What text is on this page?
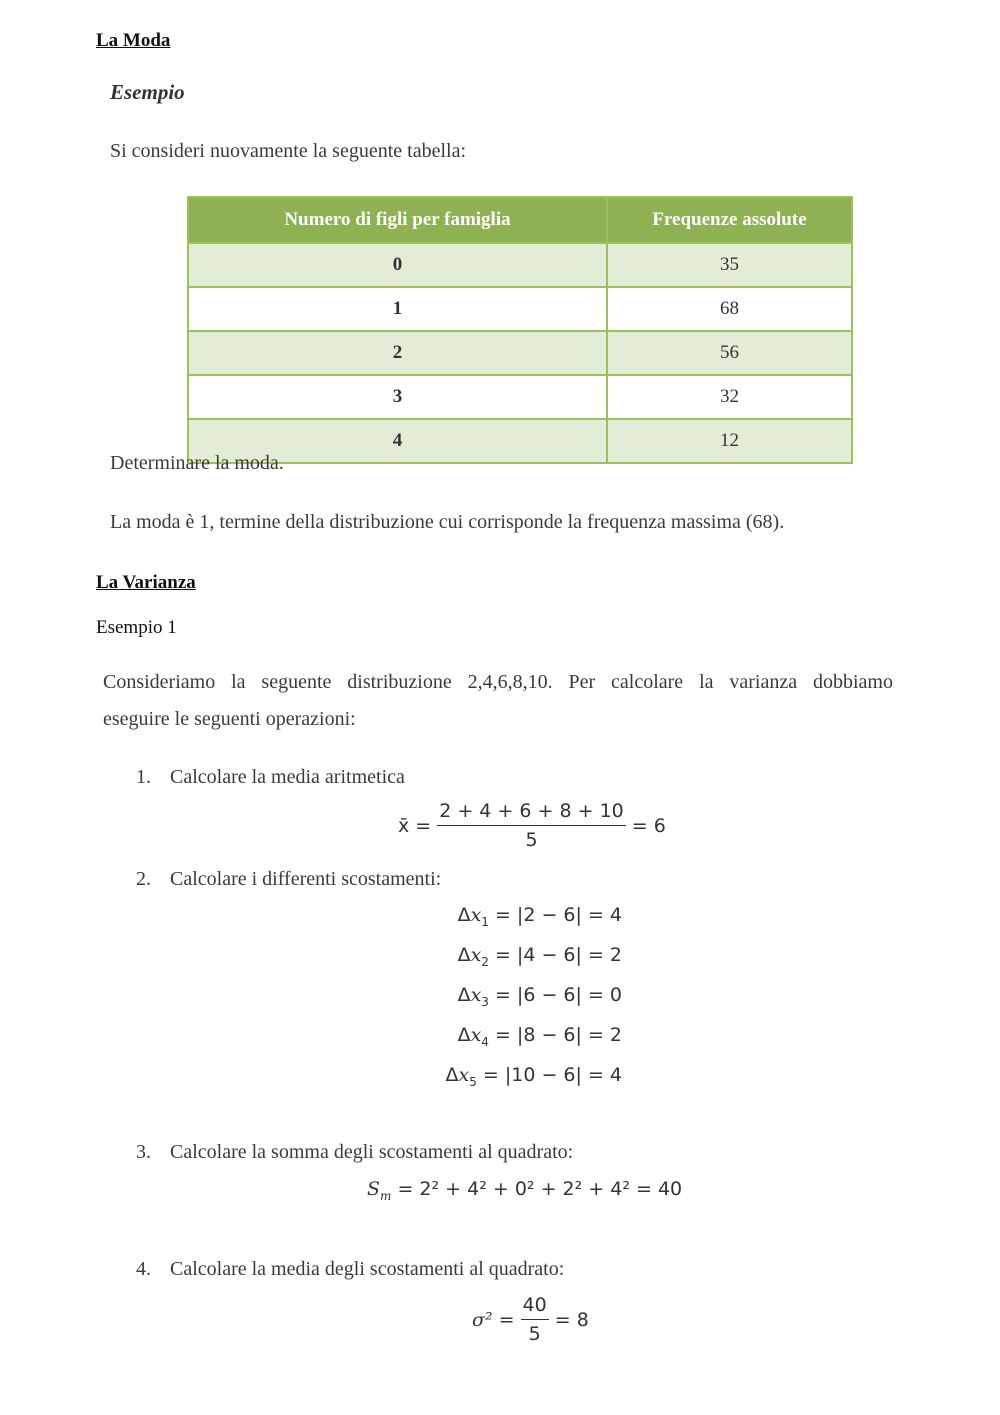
La Moda
Esempio
Si consideri nuovamente la seguente tabella:
Numero di figli per famiglia	Frequenze assolute
0	35
1	68
2	56
3	32
4	12
Determinare la moda.
La moda è 1, termine della distribuzione cui corrisponde la frequenza massima (68).
La Varianza
Esempio 1
Consideriamo la seguente distribuzione 2,4,6,8,10. Per calcolare la varianza dobbiamo
eseguire le seguenti operazioni:
1. Calcolare la media aritmetica
x̄ = $\frac{2 + 4 + 6 + 8 + 10}{5} = 6$
2. Calcolare i differenti scostamenti:
$\Delta x_1 = |2 - 6| = 4$
$\Delta x_2 = |4 - 6| = 2$
$\Delta x_3 = |6 - 6| = 0$
$\Delta x_4 = |8 - 6| = 2$
$\Delta x_5 = |10 - 6| = 4$
3. Calcolare la somma degli scostamenti al quadrato:
$S_m = 2^2 + 4^2 + 0^2 + 2^2 + 4^2 = 40$
4. Calcolare la media degli scostamenti al quadrato:
$\sigma^2 = \frac{40}{5} = 8$
